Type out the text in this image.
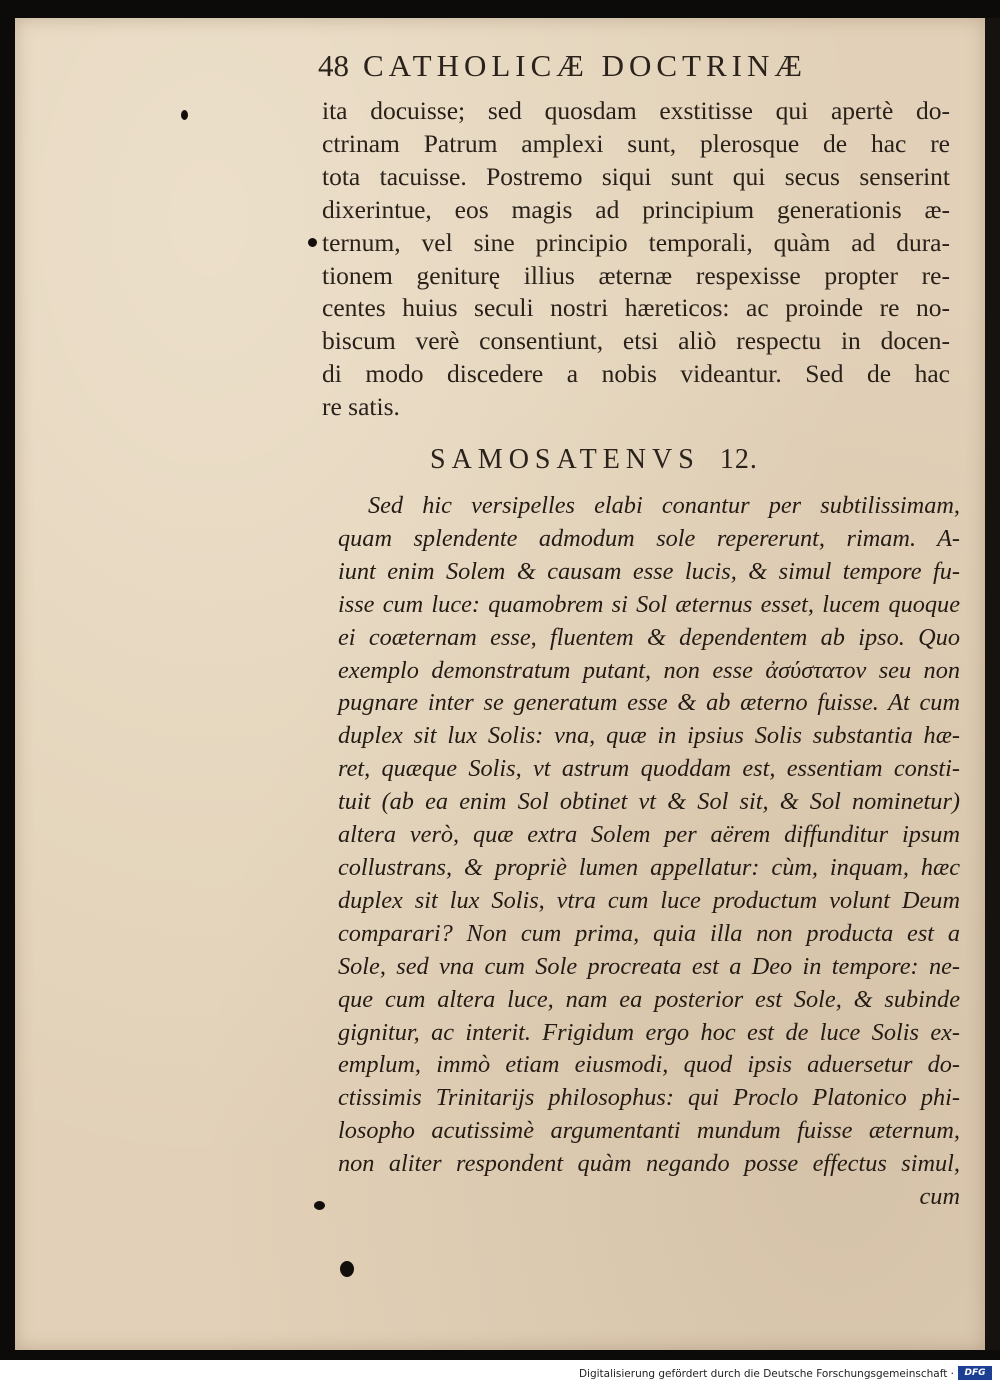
48 CATHOLICÆ DOCTRINÆ
ita docuisse; sed quosdam exstitisse qui apertè do-
ctrinam Patrum amplexi sunt, plerosque de hac re
tota tacuisse. Postremo siqui sunt qui secus senserint
dixerintue, eos magis ad principium generationis æ-
ternum, vel sine principio temporali, quàm ad dura-
tionem geniturę illius æternæ respexisse propter re-
centes huius seculi nostri hæreticos: ac proinde re no-
biscum verè consentiunt, etsi aliò respectu in docen-
di modo discedere a nobis videantur. Sed de hac
re satis.
SAMOSATENVS 12.
Sed hic versipelles elabi conantur per subtilissimam,
quam splendente admodum sole repererunt, rimam. A-
iunt enim Solem & causam esse lucis, & simul tempore fu-
isse cum luce: quamobrem si Sol æternus esset, lucem quoque
ei coæternam esse, fluentem & dependentem ab ipso. Quo
exemplo demonstratum putant, non esse ἀσύστατον seu non
pugnare inter se generatum esse & ab æterno fuisse. At cum
duplex sit lux Solis: vna, quæ in ipsius Solis substantia hæ-
ret, quæque Solis, vt astrum quoddam est, essentiam consti-
tuit (ab ea enim Sol obtinet vt & Sol sit, & Sol nominetur)
altera verò, quæ extra Solem per aërem diffunditur ipsum
collustrans, & propriè lumen appellatur: cùm, inquam, hæc
duplex sit lux Solis, vtra cum luce productum volunt Deum
comparari? Non cum prima, quia illa non producta est a
Sole, sed vna cum Sole procreata est a Deo in tempore: ne-
que cum altera luce, nam ea posterior est Sole, & subinde
gignitur, ac interit. Frigidum ergo hoc est de luce Solis ex-
emplum, immò etiam eiusmodi, quod ipsis aduersetur do-
ctissimis Trinitarijs philosophus: qui Proclo Platonico phi-
losopho acutissimè argumentanti mundum fuisse æternum,
non aliter respondent quàm negando posse effectus simul,
cum
Digitalisierung gefördert durch die Deutsche Forschungsgemeinschaft ·	DFG
